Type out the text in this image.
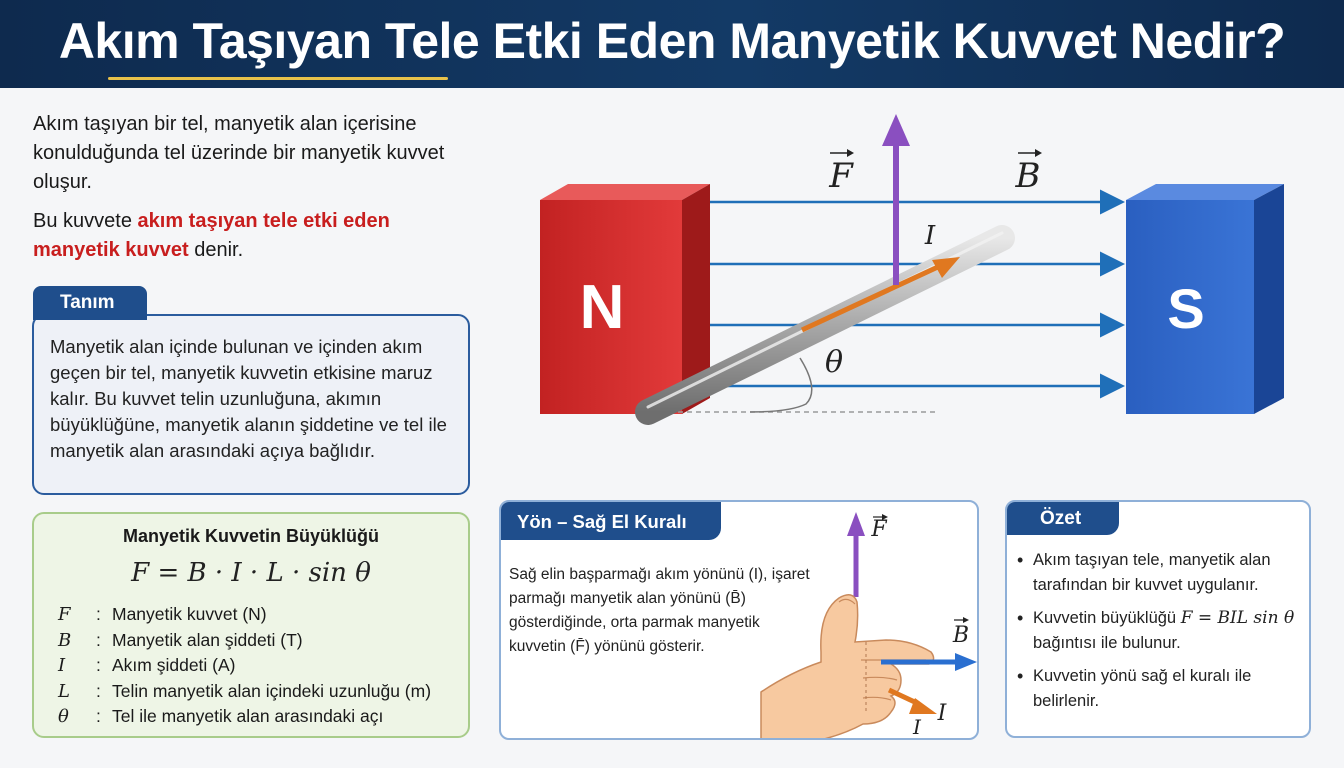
Akım Taşıyan Tele Etki Eden Manyetik Kuvvet Nedir?

Akım taşıyan bir tel, manyetik alan içerisine konulduğunda tel üzerinde bir manyetik kuvvet oluşur.

Bu kuvvete akım taşıyan tele etki eden manyetik kuvvet denir.

Tanım

Manyetik alan içinde bulunan ve içinden akım geçen bir tel, manyetik kuvvetin etkisine maruz kalır. Bu kuvvet telin uzunluğuna, akımın büyüklüğüne, manyetik alanın şiddetine ve tel ile manyetik alan arasındaki açıya bağlıdır.

Manyetik Kuvvetin Büyüklüğü
F = B · I · L · sin θ
F	: Manyetik kuvvet (N)
B	: Manyetik alan şiddeti (T)
I	: Akım şiddeti (A)
L	: Telin manyetik alan içindeki uzunluğu (m)
θ	: Tel ile manyetik alan arasındaki açı
N	S
F	B
I
θ
Yön – Sağ El Kuralı

Sağ elin başparmağı akım yönünü (I), işaret parmağı manyetik alan yönünü (B̄) gösterdiğinde, orta parmak manyetik kuvvetin (F̄) yönünü gösterir.

F
B
I
I
Özet
• Akım taşıyan tele, manyetik alan tarafından bir kuvvet uygulanır.
• Kuvvetin büyüklüğü F = BIL sin θ bağıntısı ile bulunur.
• Kuvvetin yönü sağ el kuralı ile belirlenir.
